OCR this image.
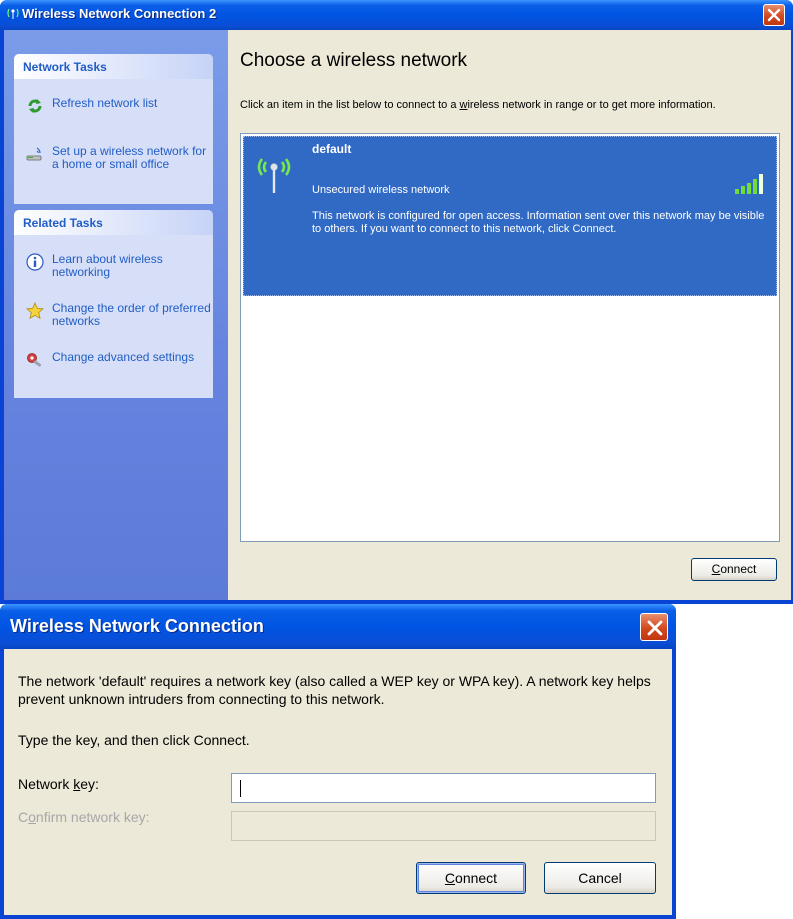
Wireless Network Connection 2
Network Tasks
Refresh network list
Set up a wireless network for a home or small office
Related Tasks
Learn about wireless networking
Change the order of preferred networks
Change advanced settings
Choose a wireless network
Click an item in the list below to connect to a wireless network in range or to get more information.
default
Unsecured wireless network
This network is configured for open access. Information sent over this network may be visible to others. If you want to connect to this network, click Connect.
Connect
Wireless Network Connection
The network 'default' requires a network key (also called a WEP key or WPA key). A network key helps prevent unknown intruders from connecting to this network.
Type the key, and then click Connect.
Network key:
Confirm network key:
Connect	Cancel
